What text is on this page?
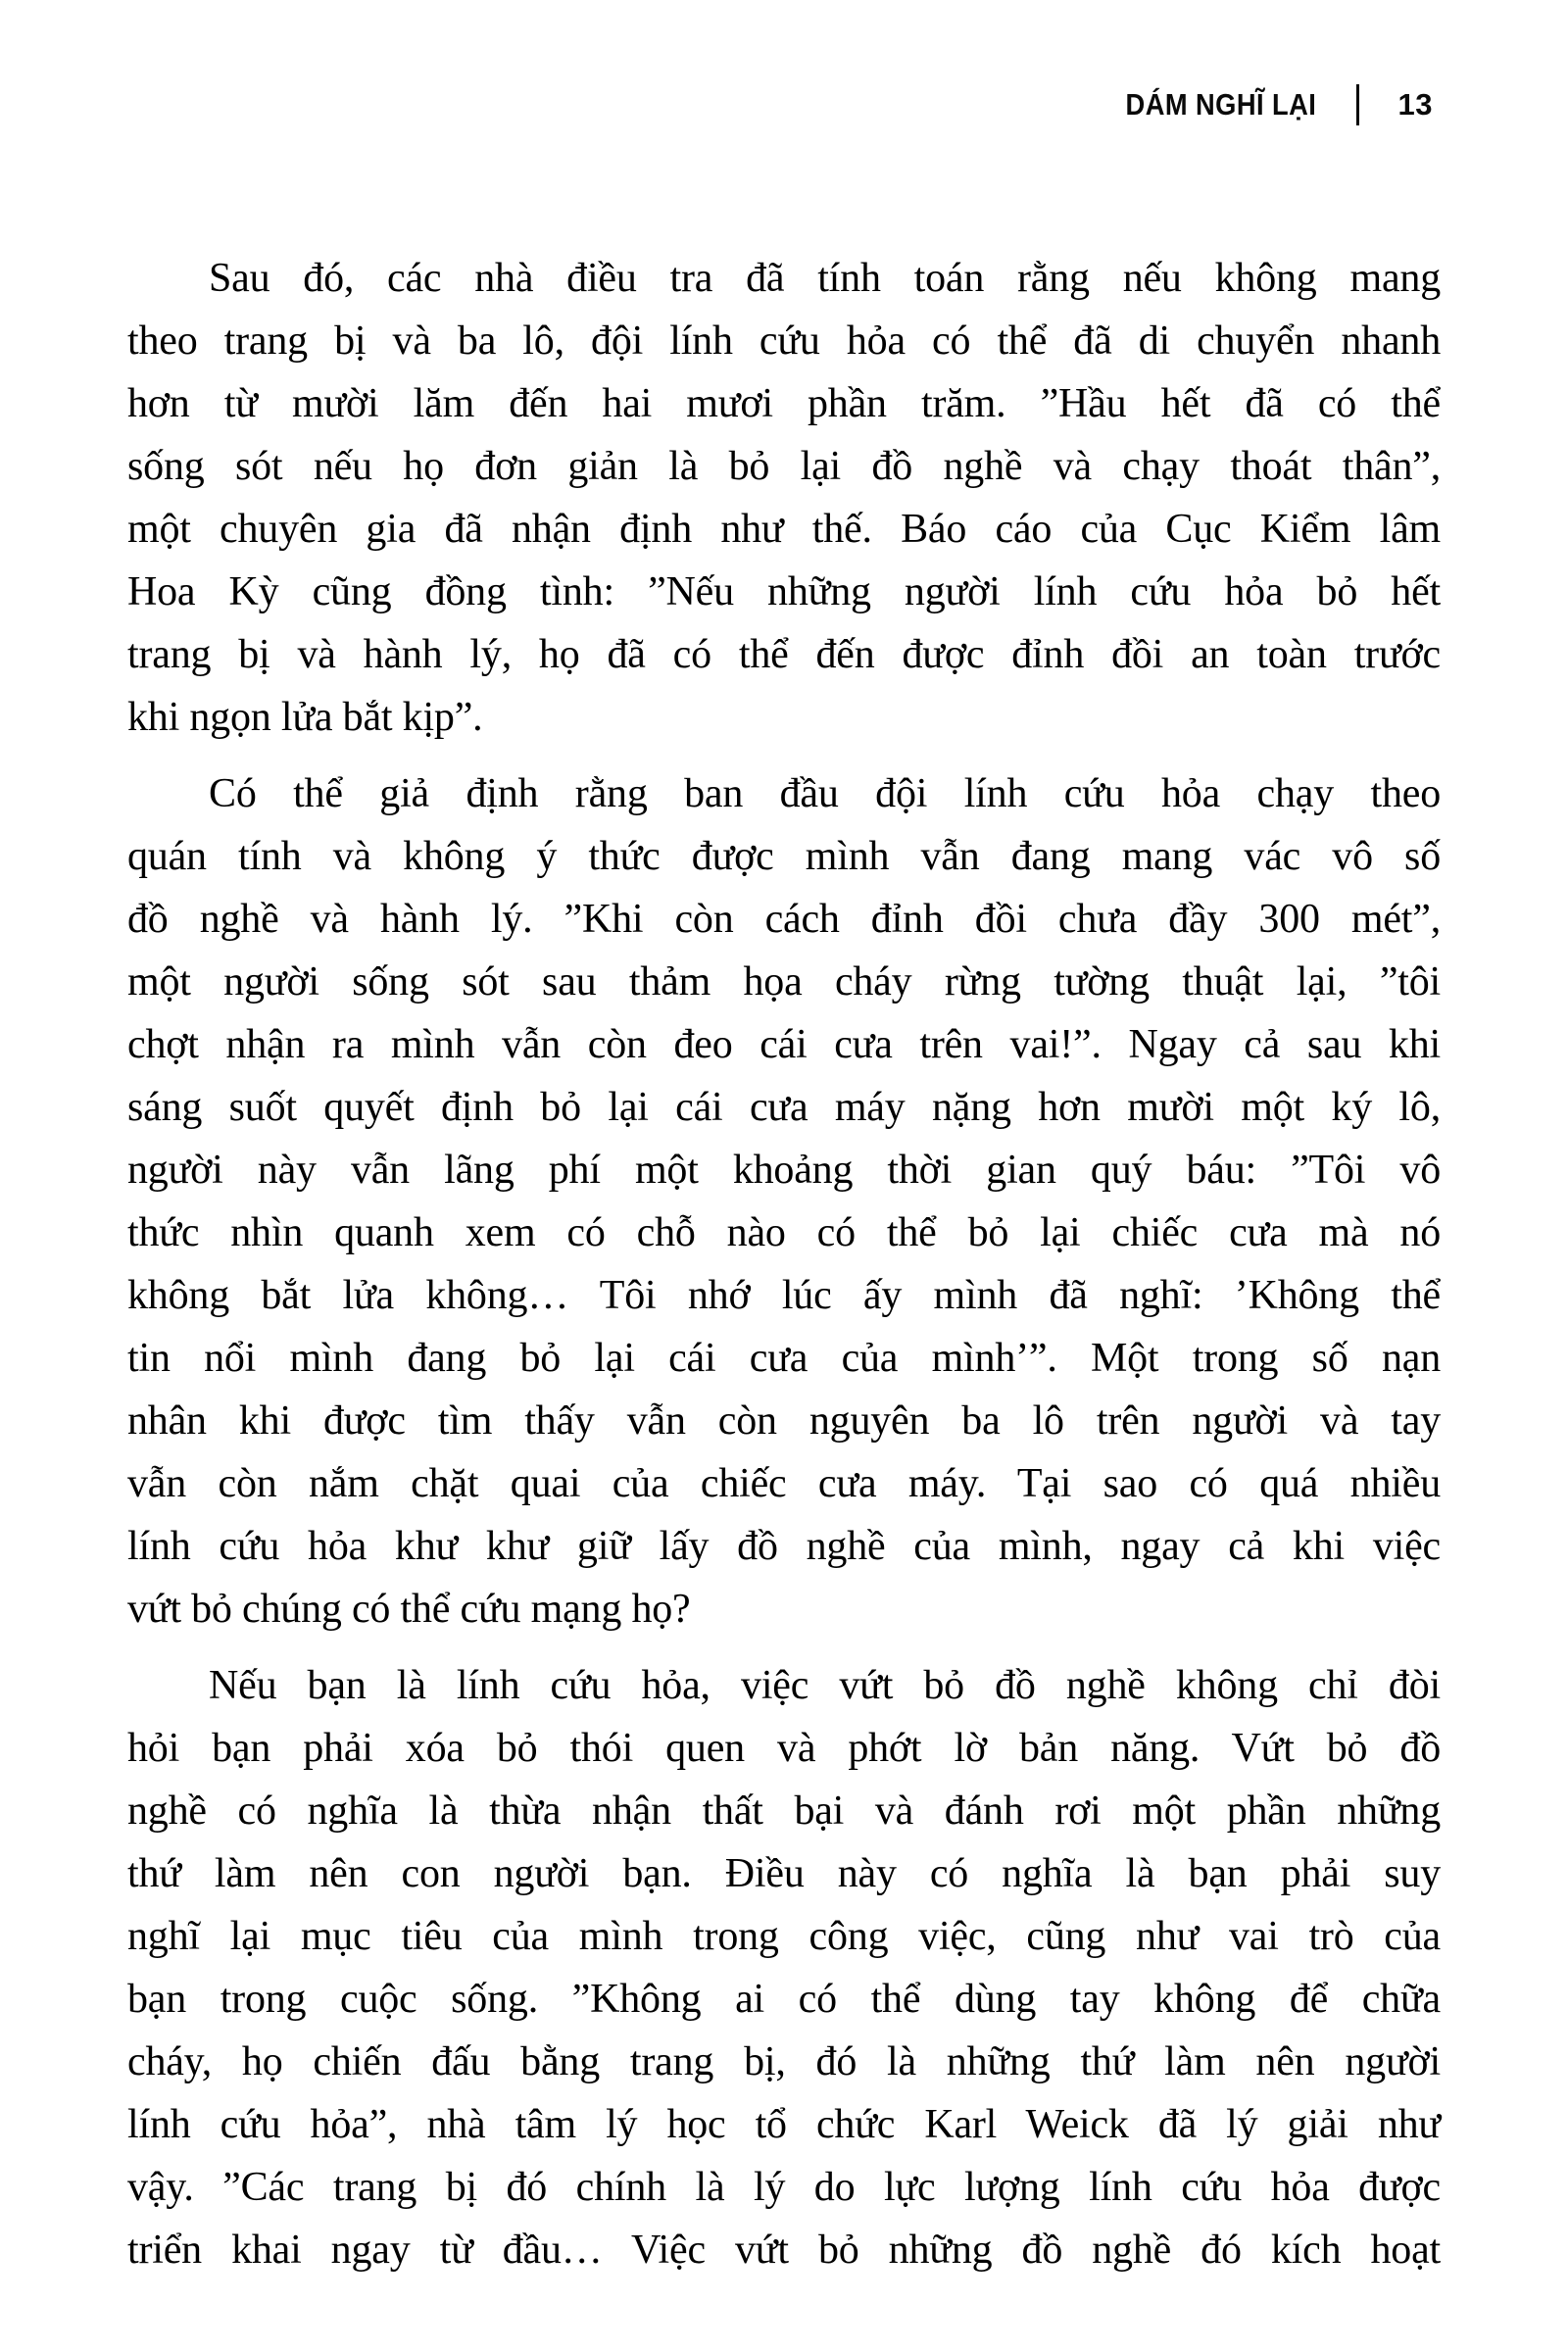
DÁM NGHĨ LẠI	13
Sau đó, các nhà điều tra đã tính toán rằng nếu không mang
theo trang bị và ba lô, đội lính cứu hỏa có thể đã di chuyển nhanh
hơn từ mười lăm đến hai mươi phần trăm. ”Hầu hết đã có thể
sống sót nếu họ đơn giản là bỏ lại đồ nghề và chạy thoát thân”,
một chuyên gia đã nhận định như thế. Báo cáo của Cục Kiểm lâm
Hoa Kỳ cũng đồng tình: ”Nếu những người lính cứu hỏa bỏ hết
trang bị và hành lý, họ đã có thể đến được đỉnh đồi an toàn trước
khi ngọn lửa bắt kịp”.
Có thể giả định rằng ban đầu đội lính cứu hỏa chạy theo
quán tính và không ý thức được mình vẫn đang mang vác vô số
đồ nghề và hành lý. ”Khi còn cách đỉnh đồi chưa đầy 300 mét”,
một người sống sót sau thảm họa cháy rừng tường thuật lại, ”tôi
chợt nhận ra mình vẫn còn đeo cái cưa trên vai!”. Ngay cả sau khi
sáng suốt quyết định bỏ lại cái cưa máy nặng hơn mười một ký lô,
người này vẫn lãng phí một khoảng thời gian quý báu: ”Tôi vô
thức nhìn quanh xem có chỗ nào có thể bỏ lại chiếc cưa mà nó
không bắt lửa không… Tôi nhớ lúc ấy mình đã nghĩ: ’Không thể
tin nổi mình đang bỏ lại cái cưa của mình’”. Một trong số nạn
nhân khi được tìm thấy vẫn còn nguyên ba lô trên người và tay
vẫn còn nắm chặt quai của chiếc cưa máy. Tại sao có quá nhiều
lính cứu hỏa khư khư giữ lấy đồ nghề của mình, ngay cả khi việc
vứt bỏ chúng có thể cứu mạng họ?
Nếu bạn là lính cứu hỏa, việc vứt bỏ đồ nghề không chỉ đòi
hỏi bạn phải xóa bỏ thói quen và phớt lờ bản năng. Vứt bỏ đồ
nghề có nghĩa là thừa nhận thất bại và đánh rơi một phần những
thứ làm nên con người bạn. Điều này có nghĩa là bạn phải suy
nghĩ lại mục tiêu của mình trong công việc, cũng như vai trò của
bạn trong cuộc sống. ”Không ai có thể dùng tay không để chữa
cháy, họ chiến đấu bằng trang bị, đó là những thứ làm nên người
lính cứu hỏa”, nhà tâm lý học tổ chức Karl Weick đã lý giải như
vậy. ”Các trang bị đó chính là lý do lực lượng lính cứu hỏa được
triển khai ngay từ đầu… Việc vứt bỏ những đồ nghề đó kích hoạt
